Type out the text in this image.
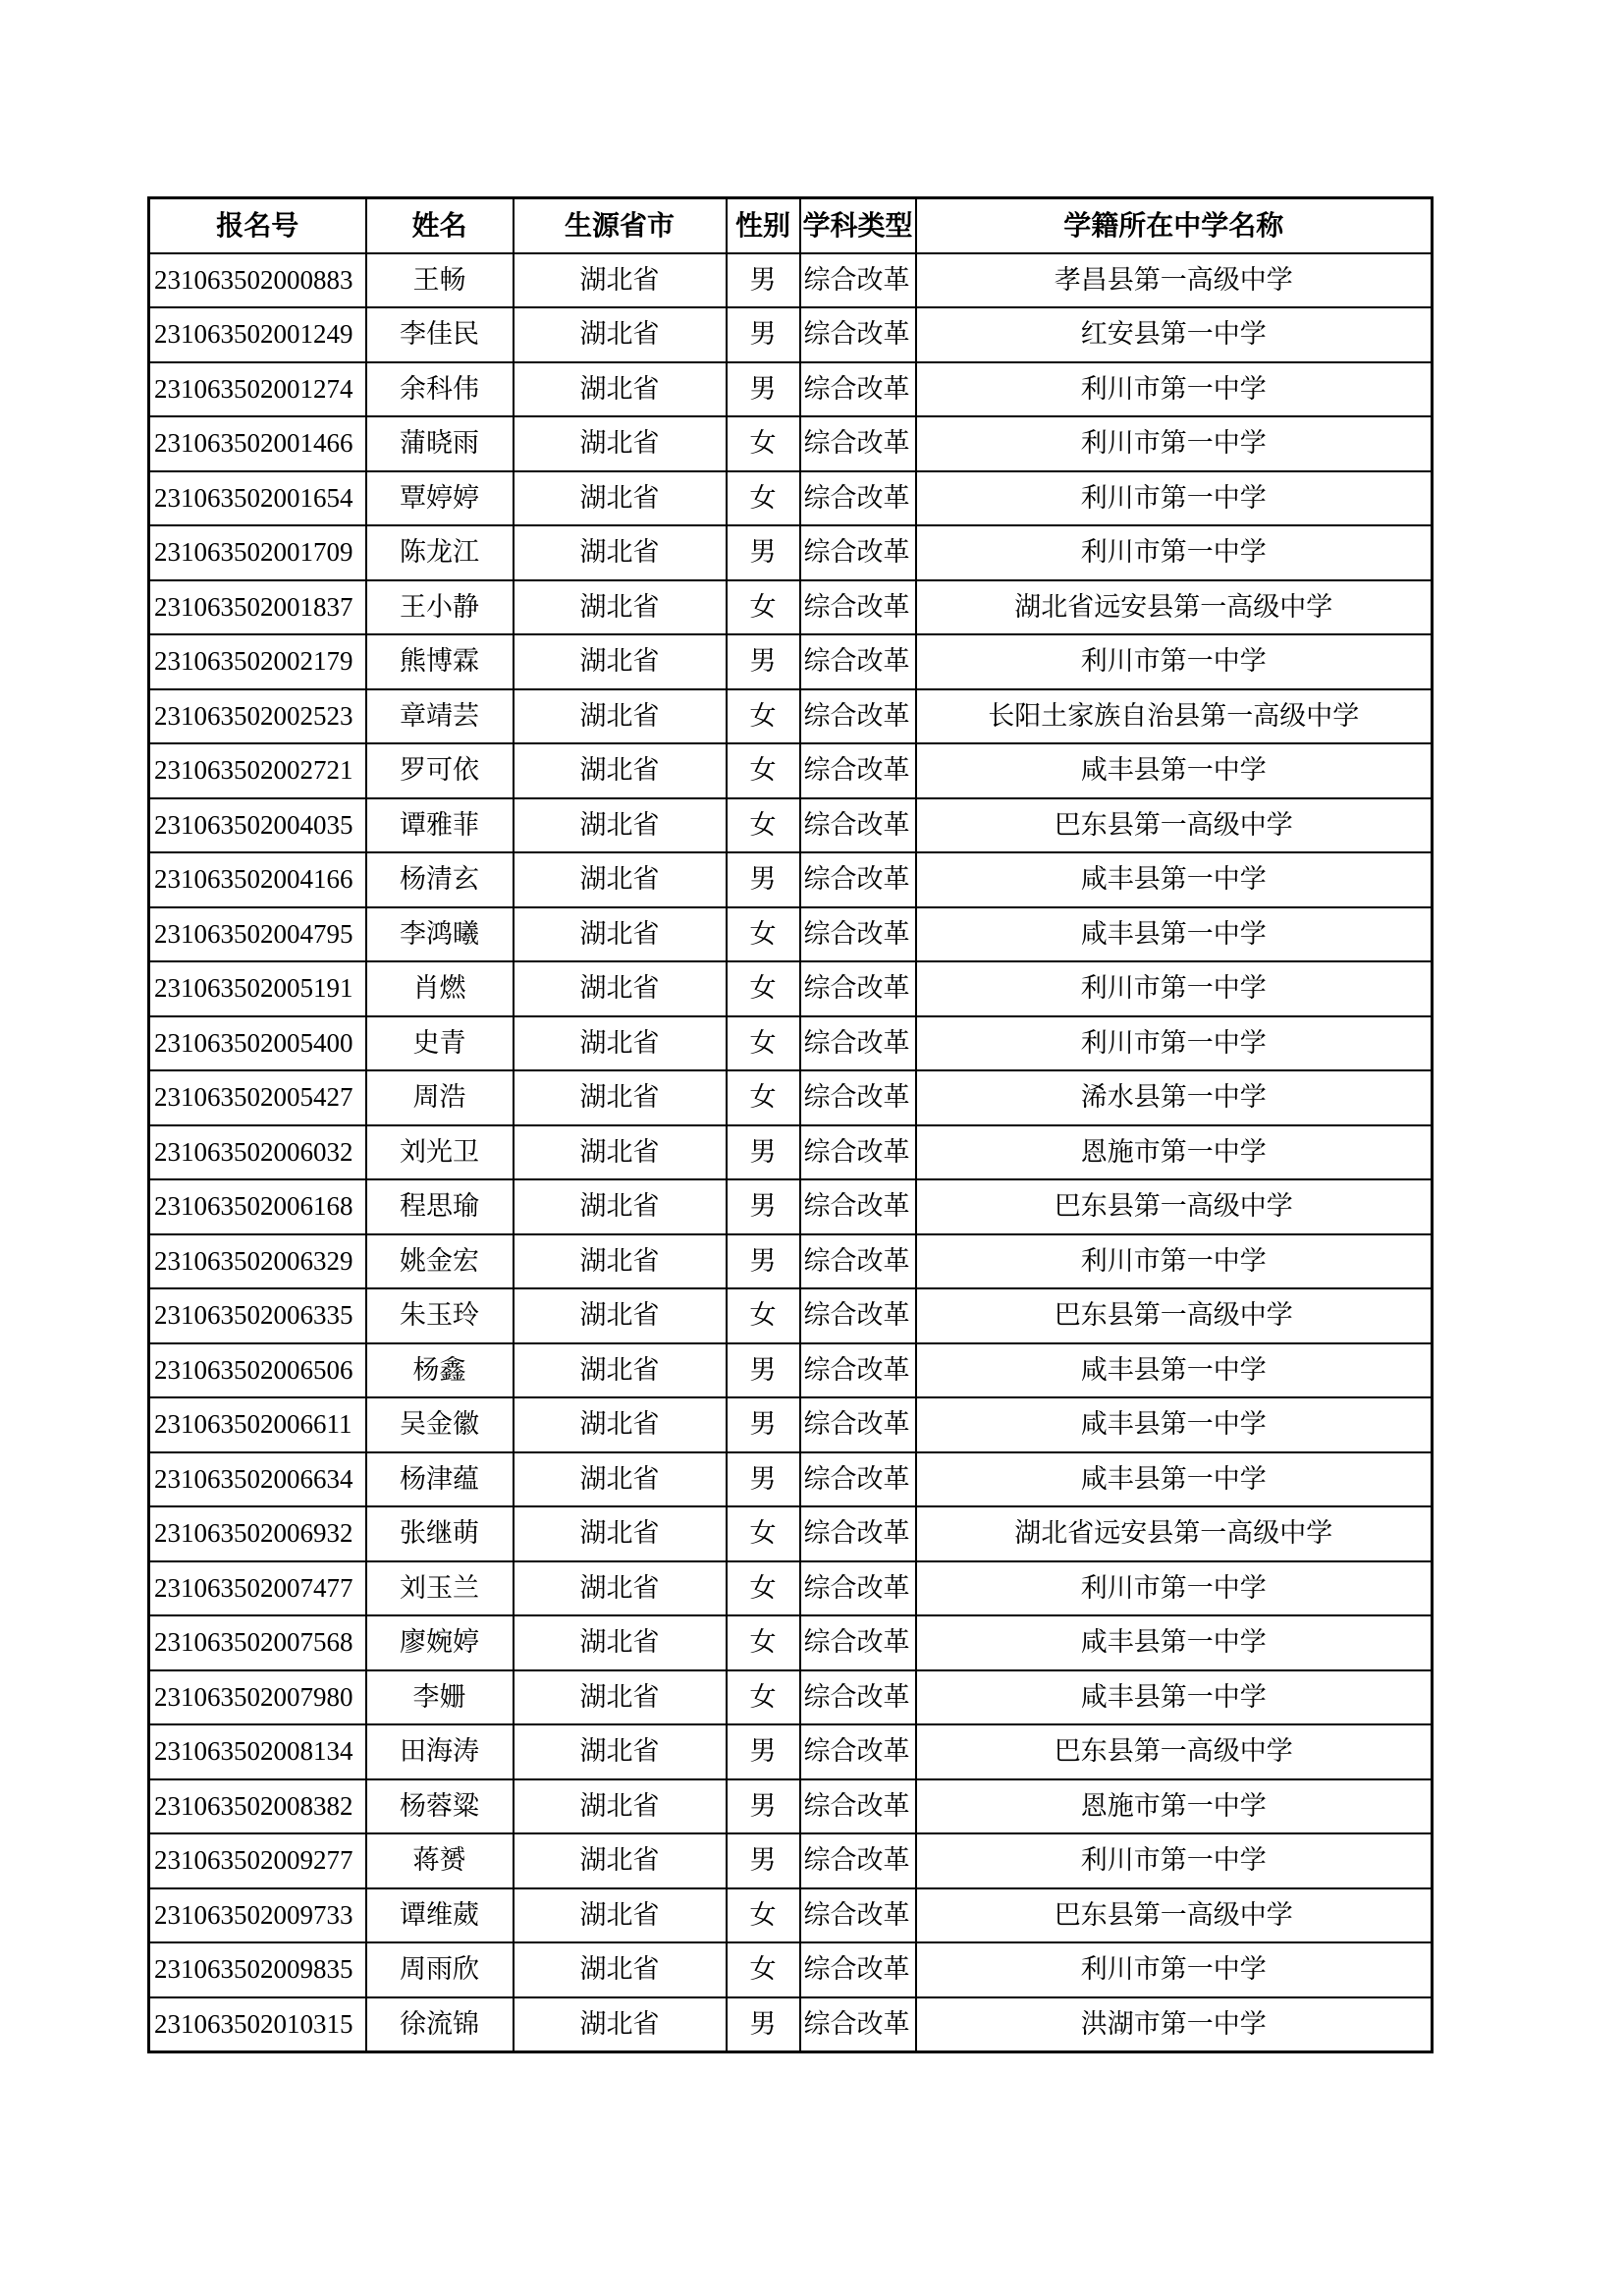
报名号	姓名	生源省市	性别	学科类型	学籍所在中学名称
231063502000883	王畅	湖北省	男	综合改革	孝昌县第一高级中学
231063502001249	李佳民	湖北省	男	综合改革	红安县第一中学
231063502001274	余科伟	湖北省	男	综合改革	利川市第一中学
231063502001466	蒲晓雨	湖北省	女	综合改革	利川市第一中学
231063502001654	覃婷婷	湖北省	女	综合改革	利川市第一中学
231063502001709	陈龙江	湖北省	男	综合改革	利川市第一中学
231063502001837	王小静	湖北省	女	综合改革	湖北省远安县第一高级中学
231063502002179	熊博霖	湖北省	男	综合改革	利川市第一中学
231063502002523	章靖芸	湖北省	女	综合改革	长阳土家族自治县第一高级中学
231063502002721	罗可依	湖北省	女	综合改革	咸丰县第一中学
231063502004035	谭雅菲	湖北省	女	综合改革	巴东县第一高级中学
231063502004166	杨清玄	湖北省	男	综合改革	咸丰县第一中学
231063502004795	李鸿曦	湖北省	女	综合改革	咸丰县第一中学
231063502005191	肖燃	湖北省	女	综合改革	利川市第一中学
231063502005400	史青	湖北省	女	综合改革	利川市第一中学
231063502005427	周浩	湖北省	女	综合改革	浠水县第一中学
231063502006032	刘光卫	湖北省	男	综合改革	恩施市第一中学
231063502006168	程思瑜	湖北省	男	综合改革	巴东县第一高级中学
231063502006329	姚金宏	湖北省	男	综合改革	利川市第一中学
231063502006335	朱玉玲	湖北省	女	综合改革	巴东县第一高级中学
231063502006506	杨鑫	湖北省	男	综合改革	咸丰县第一中学
231063502006611	吴金徽	湖北省	男	综合改革	咸丰县第一中学
231063502006634	杨津蕴	湖北省	男	综合改革	咸丰县第一中学
231063502006932	张继萌	湖北省	女	综合改革	湖北省远安县第一高级中学
231063502007477	刘玉兰	湖北省	女	综合改革	利川市第一中学
231063502007568	廖婉婷	湖北省	女	综合改革	咸丰县第一中学
231063502007980	李姗	湖北省	女	综合改革	咸丰县第一中学
231063502008134	田海涛	湖北省	男	综合改革	巴东县第一高级中学
231063502008382	杨蓉粱	湖北省	男	综合改革	恩施市第一中学
231063502009277	蒋赟	湖北省	男	综合改革	利川市第一中学
231063502009733	谭维葳	湖北省	女	综合改革	巴东县第一高级中学
231063502009835	周雨欣	湖北省	女	综合改革	利川市第一中学
231063502010315	徐流锦	湖北省	男	综合改革	洪湖市第一中学
